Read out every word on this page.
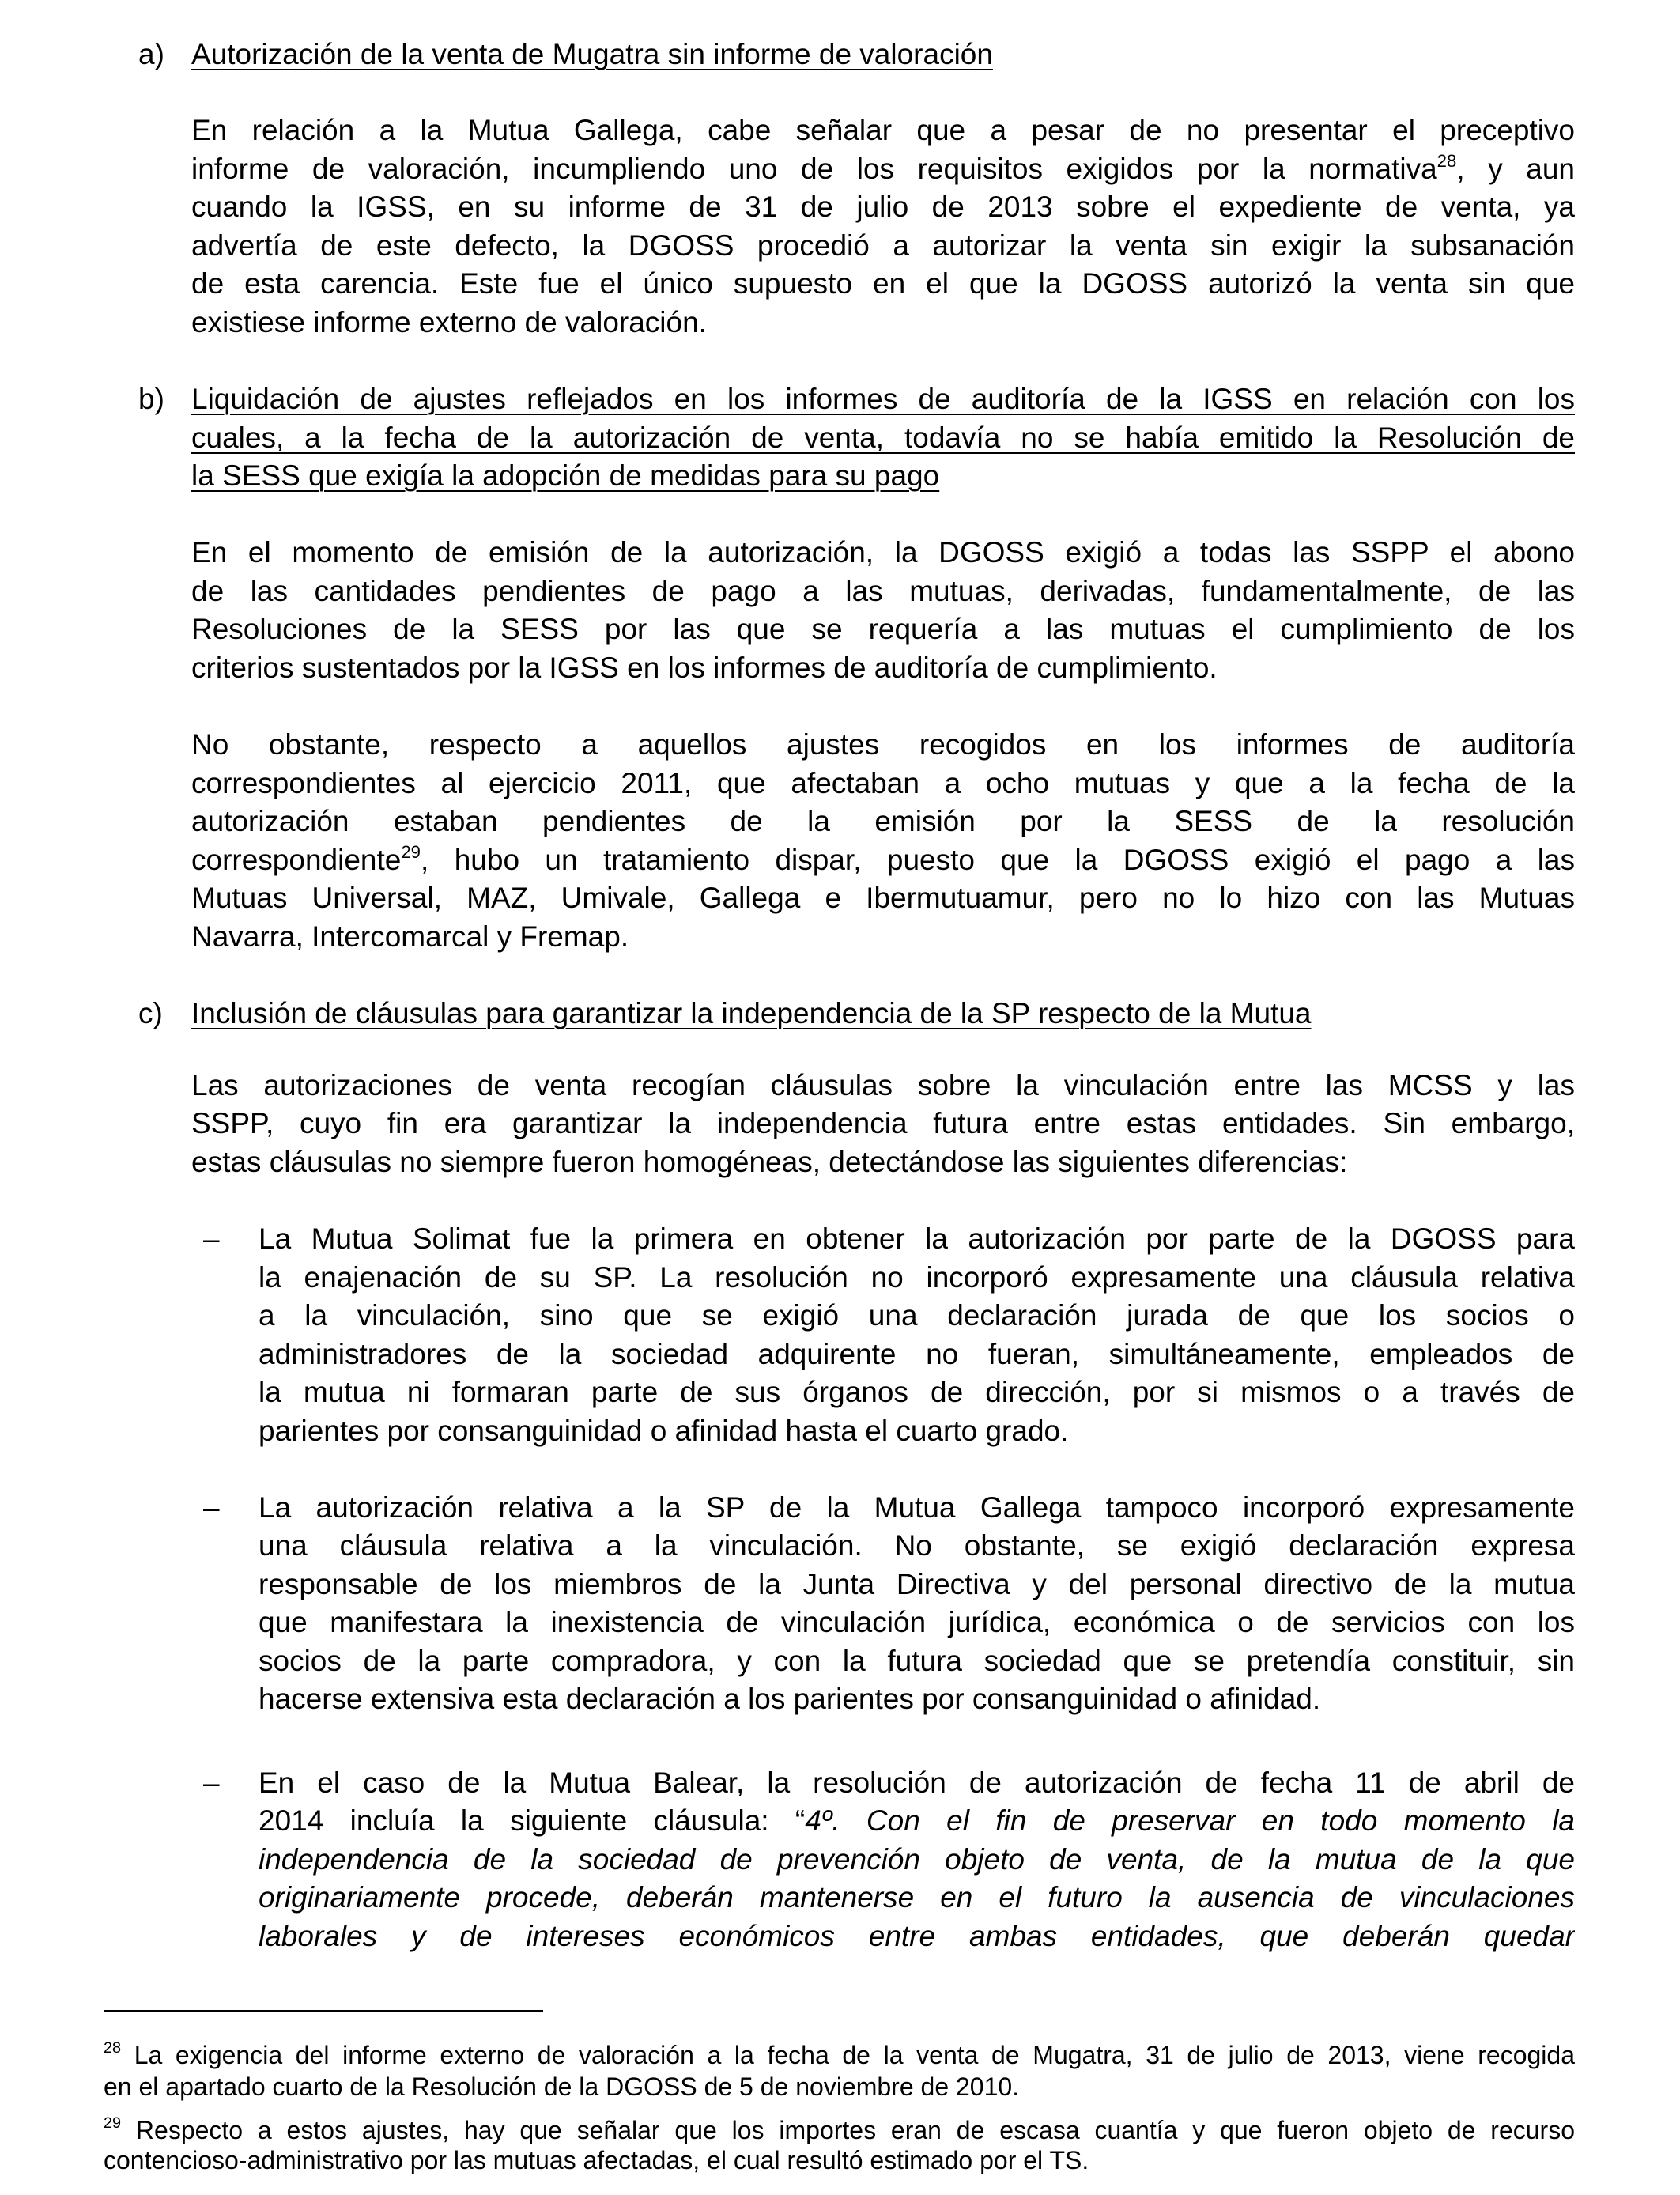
a) Autorización de la venta de Mugatra sin informe de valoración
En relación a la Mutua Gallega, cabe señalar que a pesar de no presentar el preceptivo
informe de valoración, incumpliendo uno de los requisitos exigidos por la normativa$^{28}$, y aun
cuando la IGSS, en su informe de 31 de julio de 2013 sobre el expediente de venta, ya
advertía de este defecto, la DGOSS procedió a autorizar la venta sin exigir la subsanación
de esta carencia. Este fue el único supuesto en el que la DGOSS autorizó la venta sin que
existiese informe externo de valoración.
b) Liquidación de ajustes reflejados en los informes de auditoría de la IGSS en relación con los
cuales, a la fecha de la autorización de venta, todavía no se había emitido la Resolución de
la SESS que exigía la adopción de medidas para su pago
En el momento de emisión de la autorización, la DGOSS exigió a todas las SSPP el abono
de las cantidades pendientes de pago a las mutuas, derivadas, fundamentalmente, de las
Resoluciones de la SESS por las que se requería a las mutuas el cumplimiento de los
criterios sustentados por la IGSS en los informes de auditoría de cumplimiento.
No obstante, respecto a aquellos ajustes recogidos en los informes de auditoría
correspondientes al ejercicio 2011, que afectaban a ocho mutuas y que a la fecha de la
autorización estaban pendientes de la emisión por la SESS de la resolución
correspondiente$^{29}$, hubo un tratamiento dispar, puesto que la DGOSS exigió el pago a las
Mutuas Universal, MAZ, Umivale, Gallega e Ibermutuamur, pero no lo hizo con las Mutuas
Navarra, Intercomarcal y Fremap.
c) Inclusión de cláusulas para garantizar la independencia de la SP respecto de la Mutua
Las autorizaciones de venta recogían cláusulas sobre la vinculación entre las MCSS y las
SSPP, cuyo fin era garantizar la independencia futura entre estas entidades. Sin embargo,
estas cláusulas no siempre fueron homogéneas, detectándose las siguientes diferencias:
– La Mutua Solimat fue la primera en obtener la autorización por parte de la DGOSS para
la enajenación de su SP. La resolución no incorporó expresamente una cláusula relativa
a la vinculación, sino que se exigió una declaración jurada de que los socios o
administradores de la sociedad adquirente no fueran, simultáneamente, empleados de
la mutua ni formaran parte de sus órganos de dirección, por si mismos o a través de
parientes por consanguinidad o afinidad hasta el cuarto grado.
– La autorización relativa a la SP de la Mutua Gallega tampoco incorporó expresamente
una cláusula relativa a la vinculación. No obstante, se exigió declaración expresa
responsable de los miembros de la Junta Directiva y del personal directivo de la mutua
que manifestara la inexistencia de vinculación jurídica, económica o de servicios con los
socios de la parte compradora, y con la futura sociedad que se pretendía constituir, sin
hacerse extensiva esta declaración a los parientes por consanguinidad o afinidad.
– En el caso de la Mutua Balear, la resolución de autorización de fecha 11 de abril de
2014 incluía la siguiente cláusula: “4º. Con el fin de preservar en todo momento la
independencia de la sociedad de prevención objeto de venta, de la mutua de la que
originariamente procede, deberán mantenerse en el futuro la ausencia de vinculaciones
laborales y de intereses económicos entre ambas entidades, que deberán quedar
$^{28}$ La exigencia del informe externo de valoración a la fecha de la venta de Mugatra, 31 de julio de 2013, viene recogida
en el apartado cuarto de la Resolución de la DGOSS de 5 de noviembre de 2010.
$^{29}$ Respecto a estos ajustes, hay que señalar que los importes eran de escasa cuantía y que fueron objeto de recurso
contencioso-administrativo por las mutuas afectadas, el cual resultó estimado por el TS.
